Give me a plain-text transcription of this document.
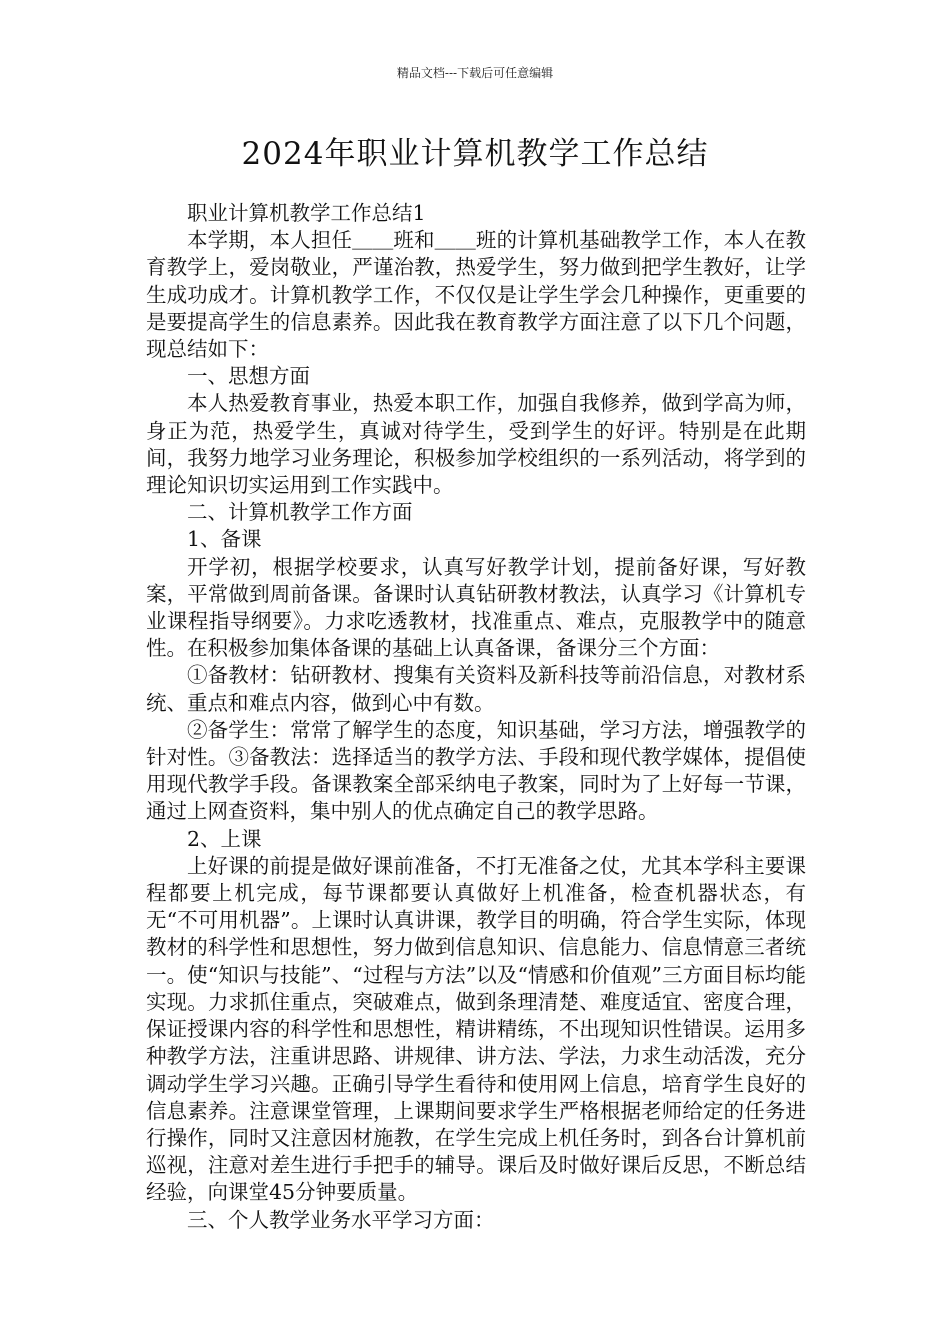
精品文档---下载后可任意编辑
2024年职业计算机教学工作总结

职业计算机教学工作总结1

本学期，本人担任＿＿班和＿＿班的计算机基础教学工作，本人在教育教学上，爱岗敬业，严谨治教，热爱学生，努力做到把学生教好，让学生成功成才。计算机教学工作，不仅仅是让学生学会几种操作，更重要的是要提高学生的信息素养。因此我在教育教学方面注意了以下几个问题，现总结如下：

一、思想方面

本人热爱教育事业，热爱本职工作，加强自我修养，做到学高为师，身正为范，热爱学生，真诚对待学生，受到学生的好评。特别是在此期间，我努力地学习业务理论，积极参加学校组织的一系列活动，将学到的理论知识切实运用到工作实践中。

二、计算机教学工作方面

1、备课

开学初，根据学校要求，认真写好教学计划，提前备好课，写好教案，平常做到周前备课。备课时认真钻研教材教法，认真学习《计算机专业课程指导纲要》。力求吃透教材，找准重点、难点，克服教学中的随意性。在积极参加集体备课的基础上认真备课，备课分三个方面：

①备教材：钻研教材、搜集有关资料及新科技等前沿信息，对教材系统、重点和难点内容，做到心中有数。

②备学生：常常了解学生的态度，知识基础，学习方法，增强教学的针对性。③备教法：选择适当的教学方法、手段和现代教学媒体，提倡使用现代教学手段。备课教案全部采纳电子教案，同时为了上好每一节课，通过上网查资料，集中别人的优点确定自己的教学思路。

2、上课

上好课的前提是做好课前准备，不打无准备之仗，尤其本学科主要课程都要上机完成，每节课都要认真做好上机准备，检查机器状态，有无“不可用机器”。上课时认真讲课，教学目的明确，符合学生实际，体现教材的科学性和思想性，努力做到信息知识、信息能力、信息情意三者统一。使“知识与技能”、“过程与方法”以及“情感和价值观”三方面目标均能实现。力求抓住重点，突破难点，做到条理清楚、难度适宜、密度合理，保证授课内容的科学性和思想性，精讲精练，不出现知识性错误。运用多种教学方法，注重讲思路、讲规律、讲方法、学法，力求生动活泼，充分调动学生学习兴趣。正确引导学生看待和使用网上信息，培育学生良好的信息素养。注意课堂管理，上课期间要求学生严格根据老师给定的任务进行操作，同时又注意因材施教，在学生完成上机任务时，到各台计算机前巡视，注意对差生进行手把手的辅导。课后及时做好课后反思，不断总结经验，向课堂45分钟要质量。

三、个人教学业务水平学习方面：
